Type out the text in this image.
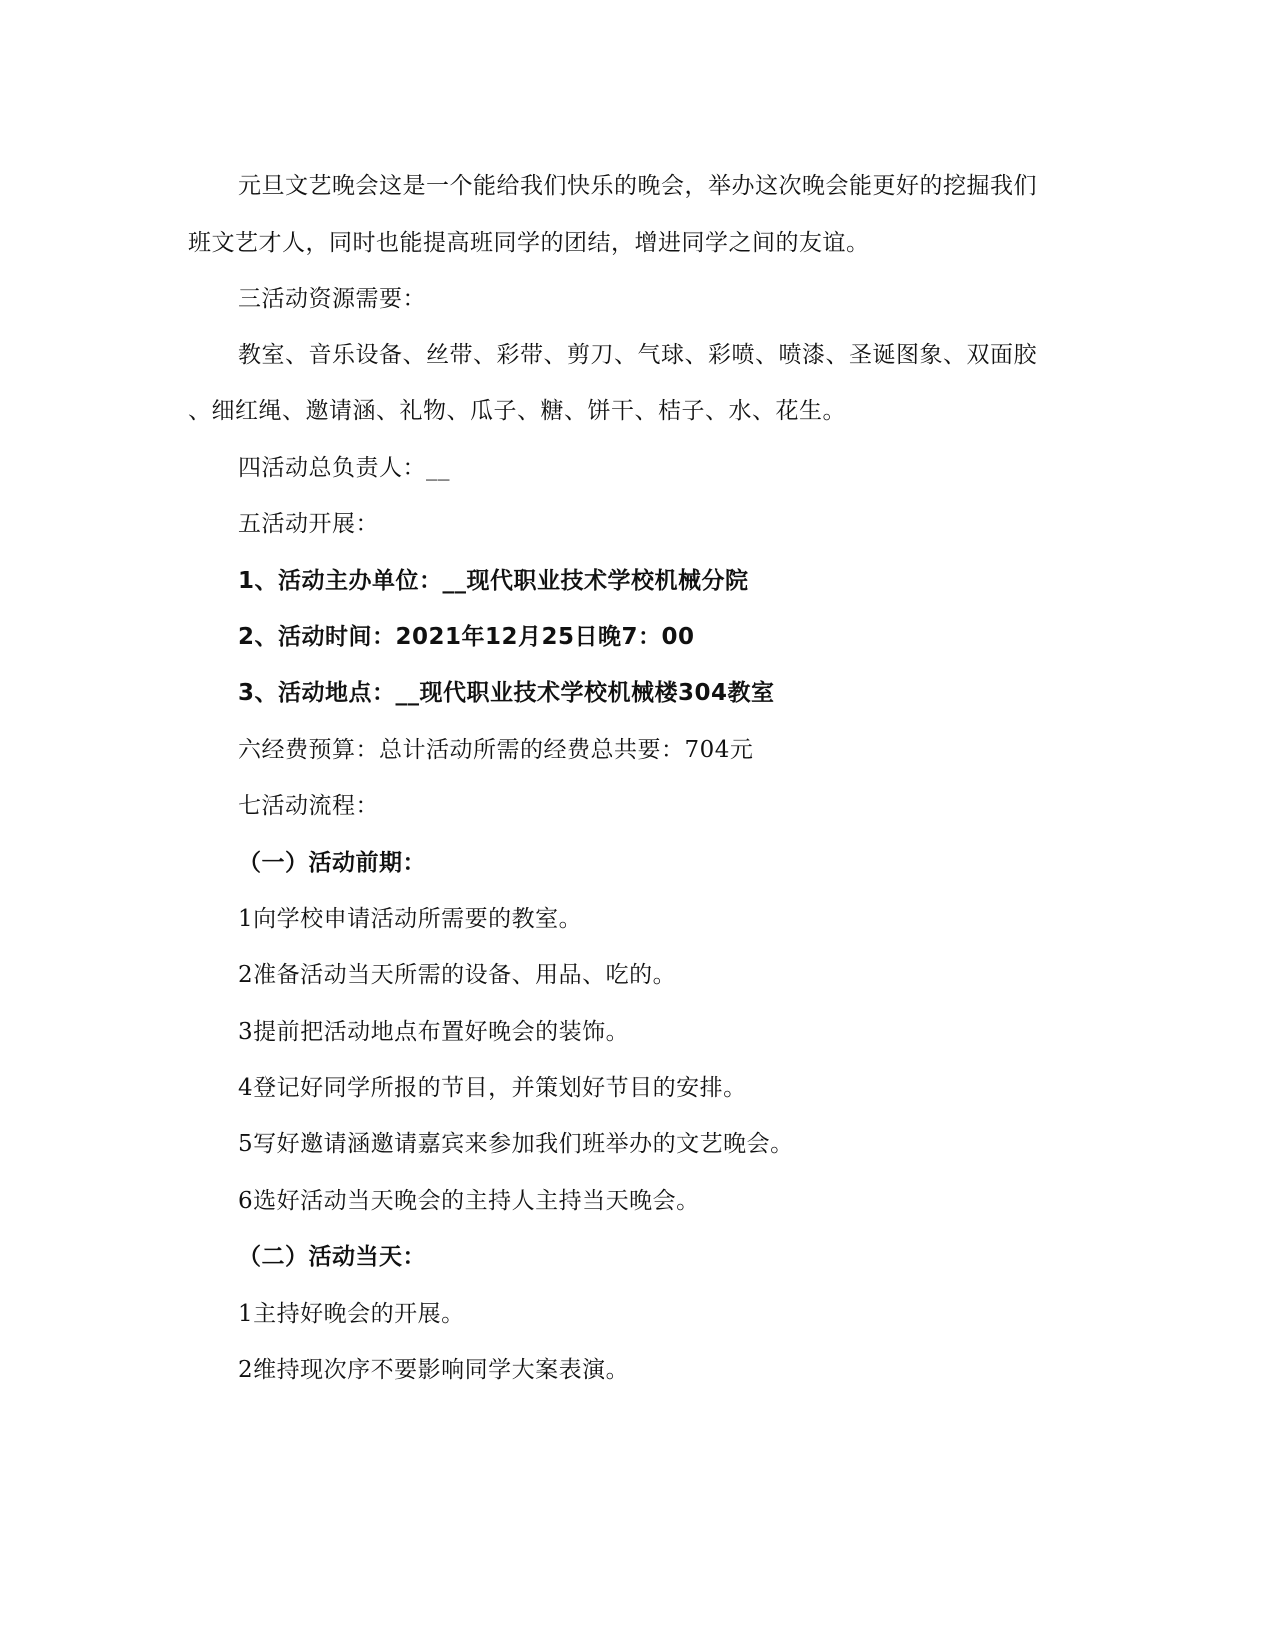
元旦文艺晚会这是一个能给我们快乐的晚会，举办这次晚会能更好的挖掘我们
班文艺才人，同时也能提高班同学的团结，增进同学之间的友谊。
三活动资源需要：
教室、音乐设备、丝带、彩带、剪刀、气球、彩喷、喷漆、圣诞图象、双面胶
、细红绳、邀请涵、礼物、瓜子、糖、饼干、桔子、水、花生。
四活动总负责人：__
五活动开展：
1、活动主办单位：__现代职业技术学校机械分院
2、活动时间：2021年12月25日晚7：00
3、活动地点：__现代职业技术学校机械楼304教室
六经费预算：总计活动所需的经费总共要：704元
七活动流程：
（一）活动前期：
1向学校申请活动所需要的教室。
2准备活动当天所需的设备、用品、吃的。
3提前把活动地点布置好晚会的装饰。
4登记好同学所报的节目，并策划好节目的安排。
5写好邀请涵邀请嘉宾来参加我们班举办的文艺晚会。
6选好活动当天晚会的主持人主持当天晚会。
（二）活动当天：
1主持好晚会的开展。
2维持现次序不要影响同学大案表演。
